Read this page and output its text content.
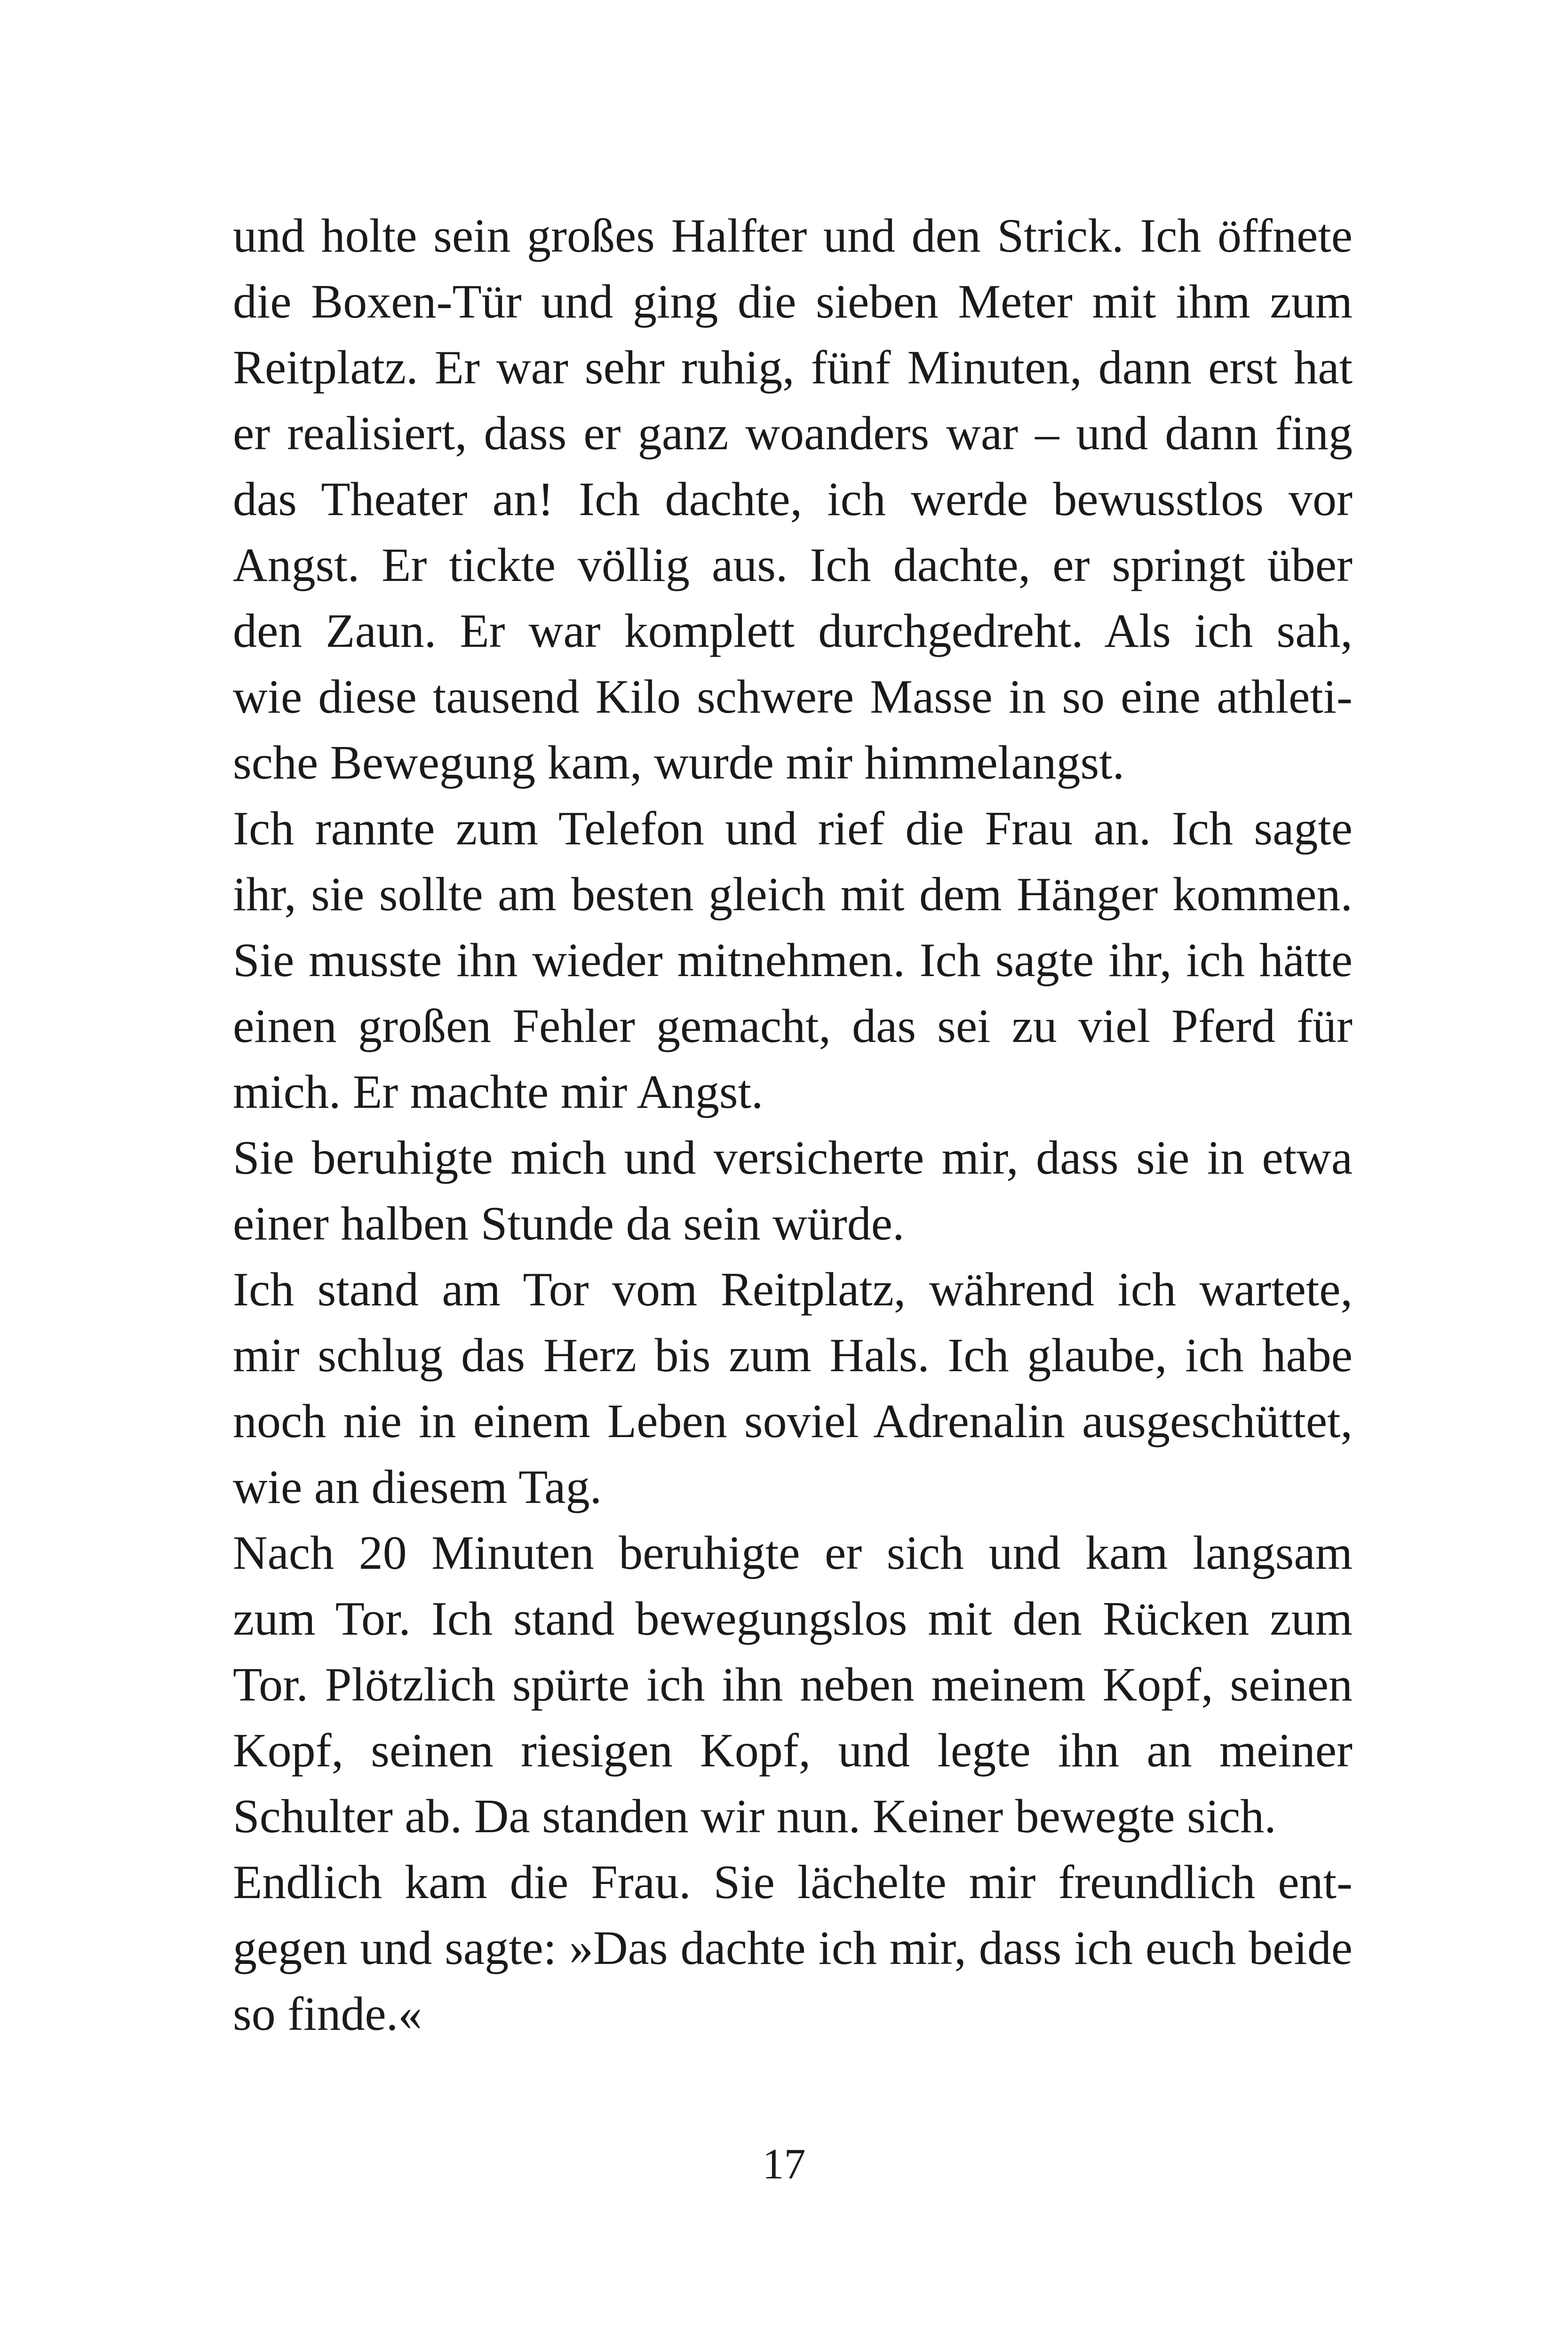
und holte sein großes Halfter und den Strick. Ich öffnete
die Boxen-Tür und ging die sieben Meter mit ihm zum
Reitplatz. Er war sehr ruhig, fünf Minuten, dann erst hat
er realisiert, dass er ganz woanders war – und dann fing
das Theater an! Ich dachte, ich werde bewusstlos vor
Angst. Er tickte völlig aus. Ich dachte, er springt über
den Zaun. Er war komplett durchgedreht. Als ich sah,
wie diese tausend Kilo schwere Masse in so eine athleti-
sche Bewegung kam, wurde mir himmelangst.
Ich rannte zum Telefon und rief die Frau an. Ich sagte
ihr, sie sollte am besten gleich mit dem Hänger kommen.
Sie musste ihn wieder mitnehmen. Ich sagte ihr, ich hätte
einen großen Fehler gemacht, das sei zu viel Pferd für
mich. Er machte mir Angst.
Sie beruhigte mich und versicherte mir, dass sie in etwa
einer halben Stunde da sein würde.
Ich stand am Tor vom Reitplatz, während ich wartete,
mir schlug das Herz bis zum Hals. Ich glaube, ich habe
noch nie in einem Leben soviel Adrenalin ausgeschüttet,
wie an diesem Tag.
Nach 20 Minuten beruhigte er sich und kam langsam
zum Tor. Ich stand bewegungslos mit den Rücken zum
Tor. Plötzlich spürte ich ihn neben meinem Kopf, seinen
Kopf, seinen riesigen Kopf, und legte ihn an meiner
Schulter ab. Da standen wir nun. Keiner bewegte sich.
Endlich kam die Frau. Sie lächelte mir freundlich ent-
gegen und sagte: »Das dachte ich mir, dass ich euch beide
so finde.«
17
